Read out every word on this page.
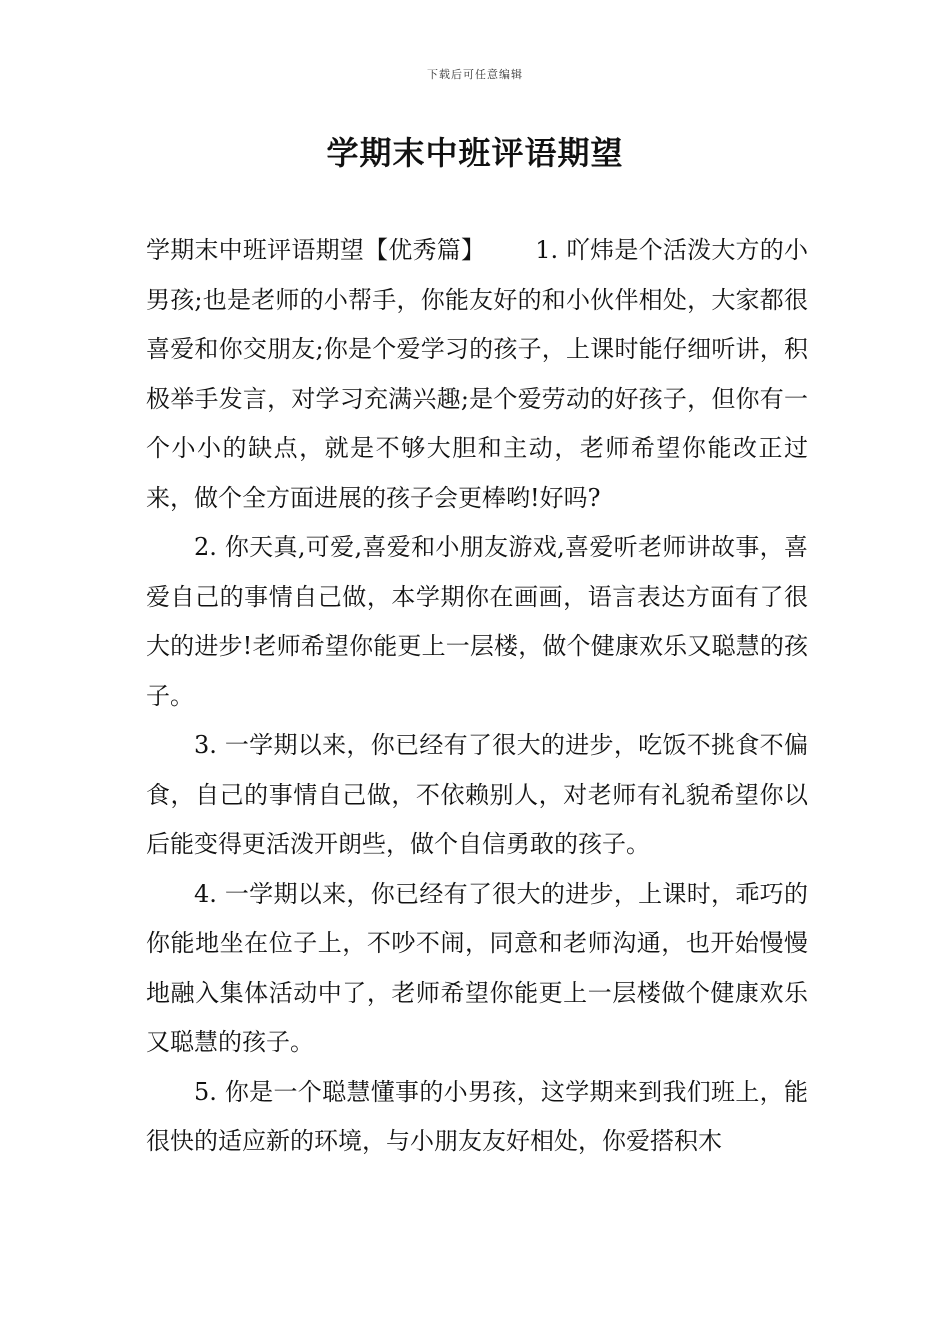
下载后可任意编辑
学期末中班评语期望

学期末中班评语期望【优秀篇】 1. 吖炜是个活泼大方的小男孩;也是老师的小帮手，你能友好的和小伙伴相处，大家都很喜爱和你交朋友;你是个爱学习的孩子，上课时能仔细听讲，积极举手发言，对学习充满兴趣;是个爱劳动的好孩子，但你有一个小小的缺点，就是不够大胆和主动，老师希望你能改正过来，做个全方面进展的孩子会更棒哟!好吗?

2. 你天真,可爱,喜爱和小朋友游戏,喜爱听老师讲故事，喜爱自己的事情自己做，本学期你在画画，语言表达方面有了很大的进步!老师希望你能更上一层楼，做个健康欢乐又聪慧的孩子。

3. 一学期以来，你已经有了很大的进步，吃饭不挑食不偏食，自己的事情自己做，不依赖别人，对老师有礼貌希望你以后能变得更活泼开朗些，做个自信勇敢的孩子。

4. 一学期以来，你已经有了很大的进步，上课时，乖巧的你能地坐在位子上，不吵不闹，同意和老师沟通，也开始慢慢地融入集体活动中了，老师希望你能更上一层楼做个健康欢乐又聪慧的孩子。

5. 你是一个聪慧懂事的小男孩，这学期来到我们班上，能很快的适应新的环境，与小朋友友好相处，你爱搭积木
